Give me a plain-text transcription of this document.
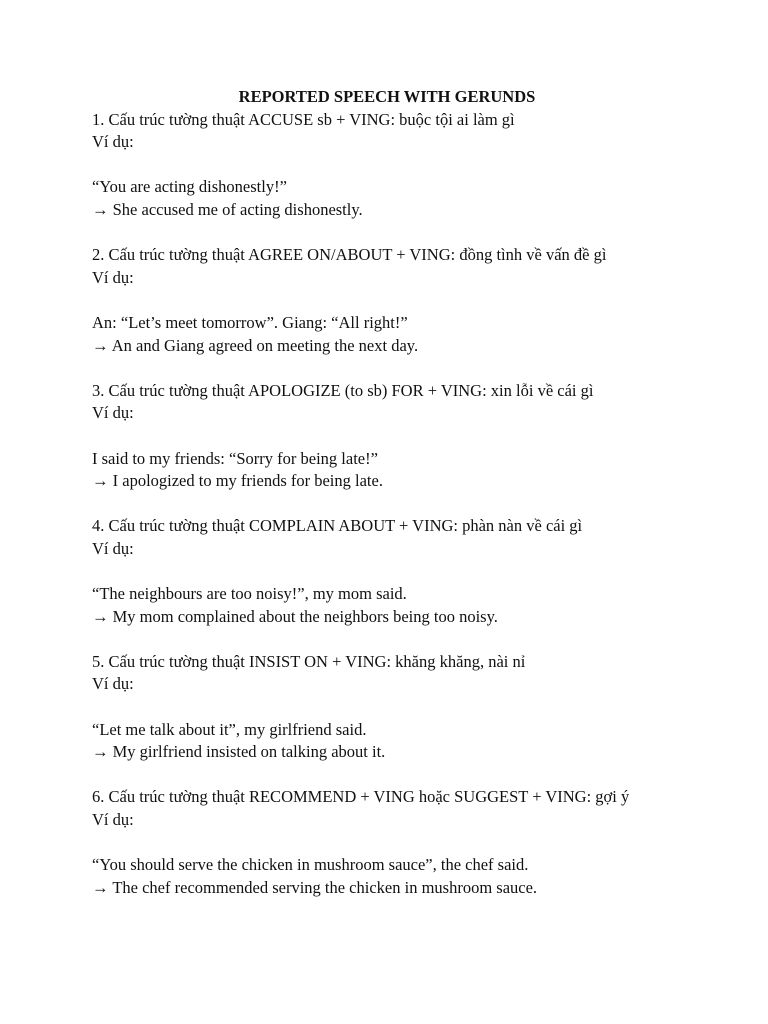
REPORTED SPEECH WITH GERUNDS
1. Cấu trúc tường thuật ACCUSE sb + VING: buộc tội ai làm gì
Ví dụ:
“You are acting dishonestly!”
→ She accused me of acting dishonestly.
2. Cấu trúc tường thuật AGREE ON/ABOUT + VING: đồng tình về vấn đề gì
Ví dụ:
An: “Let’s meet tomorrow”. Giang: “All right!”
→ An and Giang agreed on meeting the next day.
3. Cấu trúc tường thuật APOLOGIZE (to sb) FOR + VING: xin lỗi về cái gì
Ví dụ:
I said to my friends: “Sorry for being late!”
→ I apologized to my friends for being late.
4. Cấu trúc tường thuật COMPLAIN ABOUT + VING: phàn nàn về cái gì
Ví dụ:
“The neighbours are too noisy!”, my mom said.
→ My mom complained about the neighbors being too noisy.
5. Cấu trúc tường thuật INSIST ON + VING: khăng khăng, nài nỉ
Ví dụ:
“Let me talk about it”, my girlfriend said.
→ My girlfriend insisted on talking about it.
6. Cấu trúc tường thuật RECOMMEND + VING hoặc SUGGEST + VING: gợi ý
Ví dụ:
“You should serve the chicken in mushroom sauce”, the chef said.
→ The chef recommended serving the chicken in mushroom sauce.
